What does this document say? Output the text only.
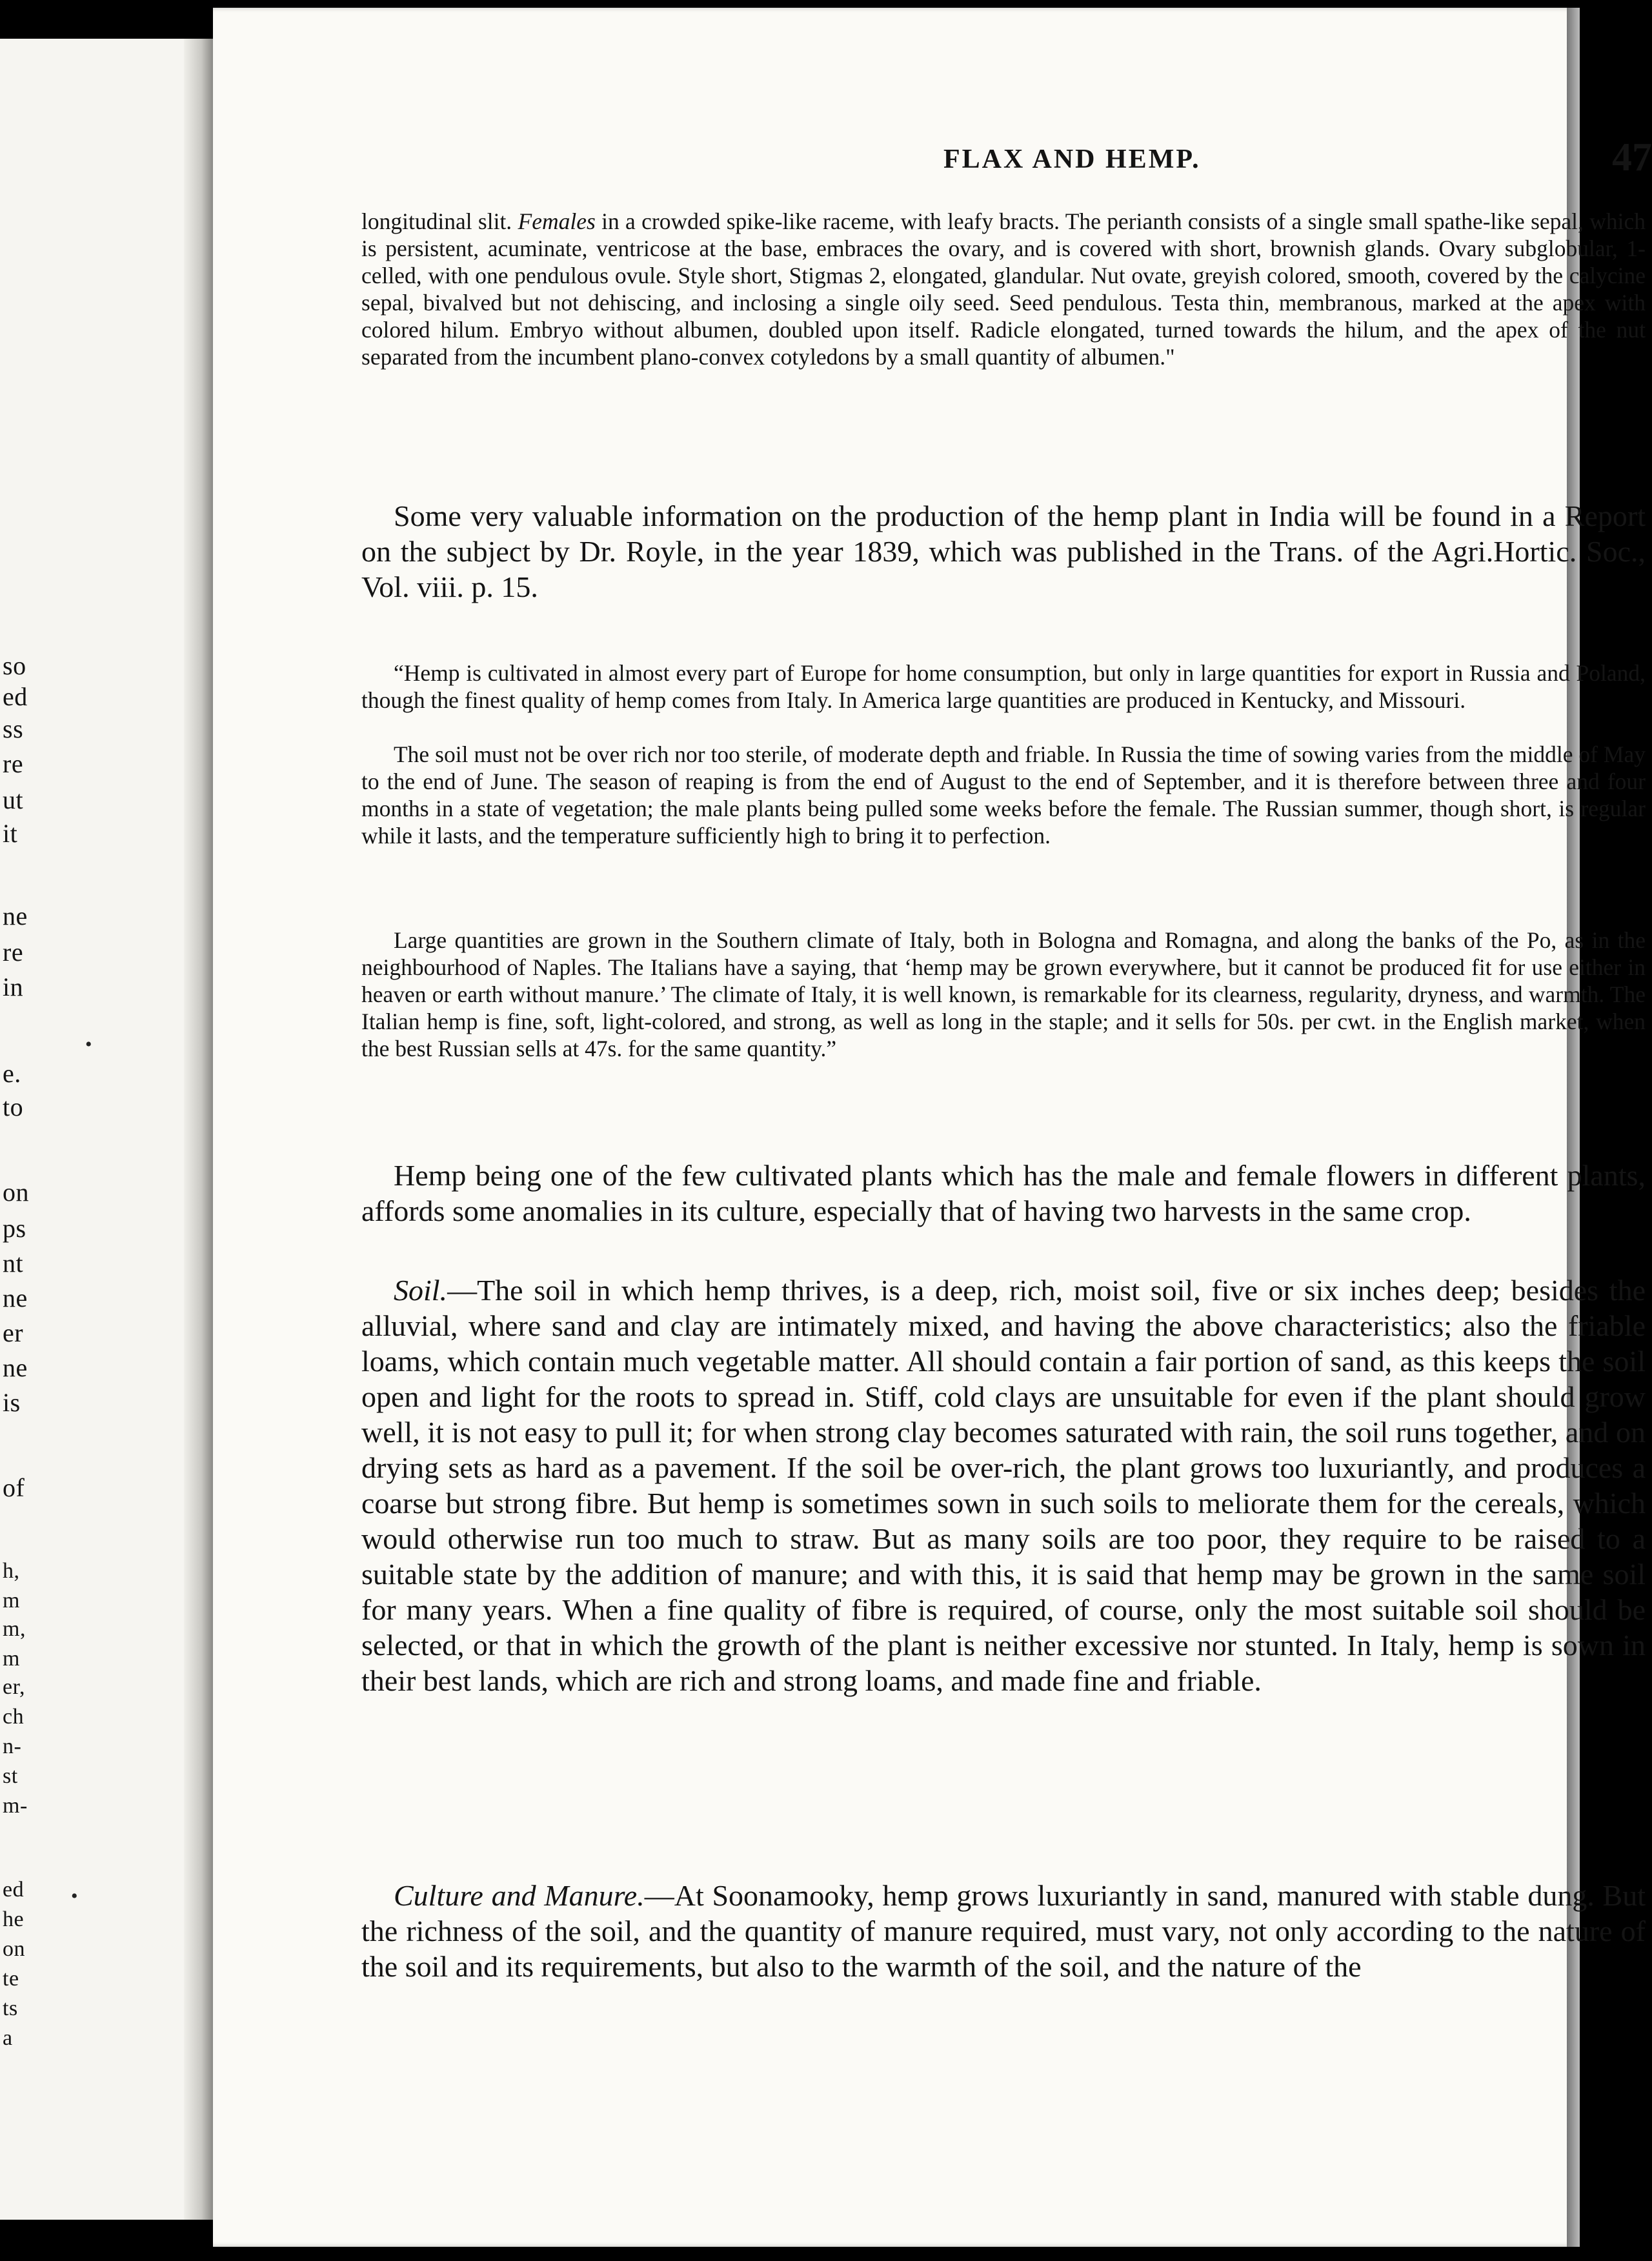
so
ed
ss
re
ut
it
ne
re
in
e.
to
on
ps
nt
ne
er
ne
is
of
h,
m
m,
m
er,
ch
n-
st
m-
ed
he
on
te
ts
a
FLAX AND HEMP.	47

longitudinal slit. Females in a crowded spike-like raceme, with leafy bracts. The perianth consists of a single small spathe-like sepal, which is persistent, acuminate, ventricose at the base, embraces the ovary, and is covered with short, brownish glands. Ovary subglobular, 1-celled, with one pendulous ovule. Style short, Stigmas 2, elongated, glandular. Nut ovate, greyish colored, smooth, covered by the calycine sepal, bivalved but not dehiscing, and inclosing a single oily seed. Seed pendulous. Testa thin, membranous, marked at the apex with colored hilum. Embryo without albumen, doubled upon itself. Radicle elongated, turned towards the hilum, and the apex of the nut separated from the incumbent plano-convex cotyledons by a small quantity of albumen."

Some very valuable information on the production of the hemp plant in India will be found in a Report on the subject by Dr. Royle, in the year 1839, which was published in the Trans. of the Agri.Hortic. Soc., Vol. viii. p. 15.

“Hemp is cultivated in almost every part of Europe for home consumption, but only in large quantities for export in Russia and Poland, though the finest quality of hemp comes from Italy. In America large quantities are produced in Kentucky, and Missouri.

The soil must not be over rich nor too sterile, of moderate depth and friable. In Russia the time of sowing varies from the middle of May to the end of June. The season of reaping is from the end of August to the end of September, and it is therefore between three and four months in a state of vegetation; the male plants being pulled some weeks before the female. The Russian summer, though short, is regular while it lasts, and the temperature sufficiently high to bring it to perfection.

Large quantities are grown in the Southern climate of Italy, both in Bologna and Romagna, and along the banks of the Po, as in the neighbourhood of Naples. The Italians have a saying, that ‘hemp may be grown everywhere, but it cannot be produced fit for use either in heaven or earth without manure.’ The climate of Italy, it is well known, is remarkable for its clearness, regularity, dryness, and warmth. The Italian hemp is fine, soft, light-colored, and strong, as well as long in the staple; and it sells for 50s. per cwt. in the English market, when the best Russian sells at 47s. for the same quantity.”

Hemp being one of the few cultivated plants which has the male and female flowers in different plants, affords some anomalies in its culture, especially that of having two harvests in the same crop.

Soil.—The soil in which hemp thrives, is a deep, rich, moist soil, five or six inches deep; besides the alluvial, where sand and clay are intimately mixed, and having the above characteristics; also the friable loams, which contain much vegetable matter. All should contain a fair portion of sand, as this keeps the soil open and light for the roots to spread in. Stiff, cold clays are unsuitable for even if the plant should grow well, it is not easy to pull it; for when strong clay becomes saturated with rain, the soil runs together, and on drying sets as hard as a pavement. If the soil be over-rich, the plant grows too luxuriantly, and produces a coarse but strong fibre. But hemp is sometimes sown in such soils to meliorate them for the cereals, which would otherwise run too much to straw. But as many soils are too poor, they require to be raised to a suitable state by the addition of manure; and with this, it is said that hemp may be grown in the same soil for many years. When a fine quality of fibre is required, of course, only the most suitable soil should be selected, or that in which the growth of the plant is neither excessive nor stunted. In Italy, hemp is sown in their best lands, which are rich and strong loams, and made fine and friable.

Culture and Manure.—At Soonamooky, hemp grows luxuriantly in sand, manured with stable dung. But the richness of the soil, and the quantity of manure required, must vary, not only according to the nature of the soil and its requirements, but also to the warmth of the soil, and the nature of the

•
•
